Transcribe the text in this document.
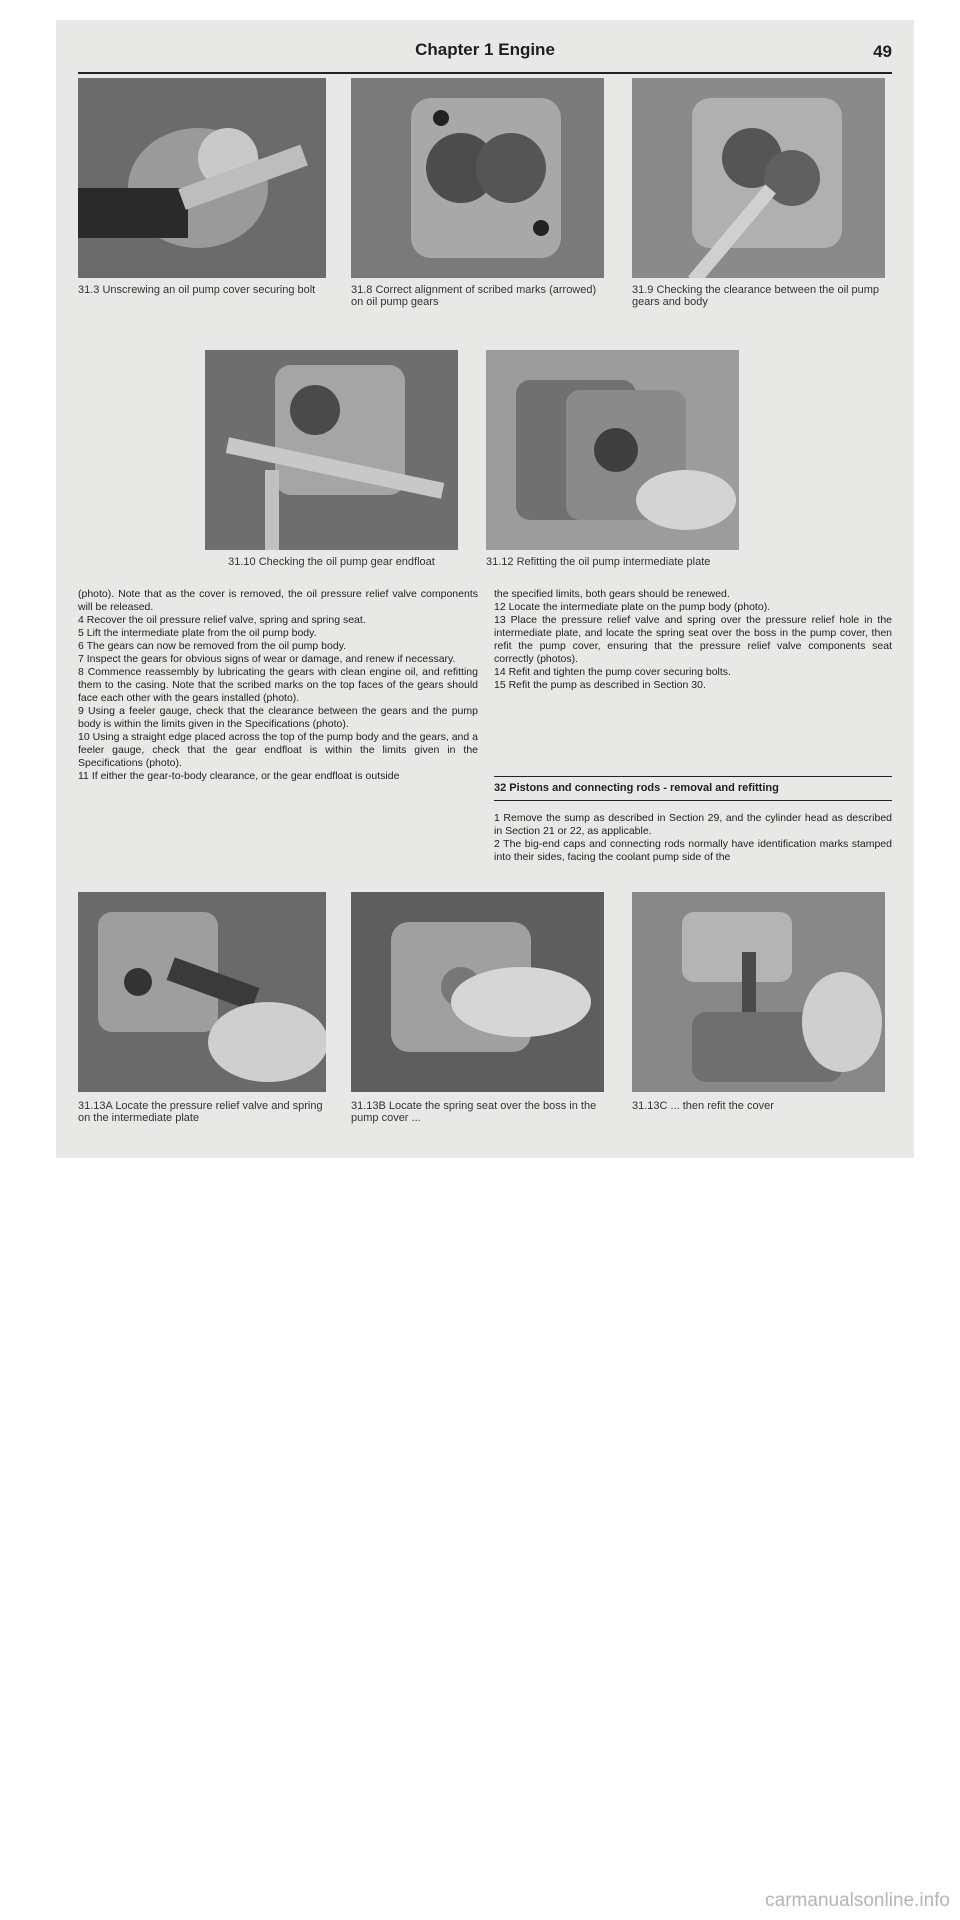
Chapter 1 Engine	49
31.3 Unscrewing an oil pump cover securing bolt	31.8 Correct alignment of scribed marks (arrowed) on oil pump gears
31.9 Checking the clearance between the oil pump gears and body
31.10 Checking the oil pump gear endfloat	31.12 Refitting the oil pump intermediate plate

(photo). Note that as the cover is removed, the oil pressure relief valve components will be released.

4 Recover the oil pressure relief valve, spring and spring seat.

5 Lift the intermediate plate from the oil pump body.

6 The gears can now be removed from the oil pump body.

7 Inspect the gears for obvious signs of wear or damage, and renew if necessary.

8 Commence reassembly by lubricating the gears with clean engine oil, and refitting them to the casing. Note that the scribed marks on the top faces of the gears should face each other with the gears installed (photo).

9 Using a feeler gauge, check that the clearance between the gears and the pump body is within the limits given in the Specifications (photo).

10 Using a straight edge placed across the top of the pump body and the gears, and a feeler gauge, check that the gear endfloat is within the limits given in the Specifications (photo).

11 If either the gear-to-body clearance, or the gear endfloat is outside

the specified limits, both gears should be renewed.

12 Locate the intermediate plate on the pump body (photo).

13 Place the pressure relief valve and spring over the pressure relief hole in the intermediate plate, and locate the spring seat over the boss in the pump cover, then refit the pump cover, ensuring that the pressure relief valve components seat correctly (photos).

14 Refit and tighten the pump cover securing bolts.

15 Refit the pump as described in Section 30.

32 Pistons and connecting rods - removal and refitting

1 Remove the sump as described in Section 29, and the cylinder head as described in Section 21 or 22, as applicable.

2 The big-end caps and connecting rods normally have identification marks stamped into their sides, facing the coolant pump side of the

31.13A Locate the pressure relief valve and spring on the intermediate plate
31.13B Locate the spring seat over the boss in the pump cover ...
31.13C ... then refit the cover
carmanualsonline.info
